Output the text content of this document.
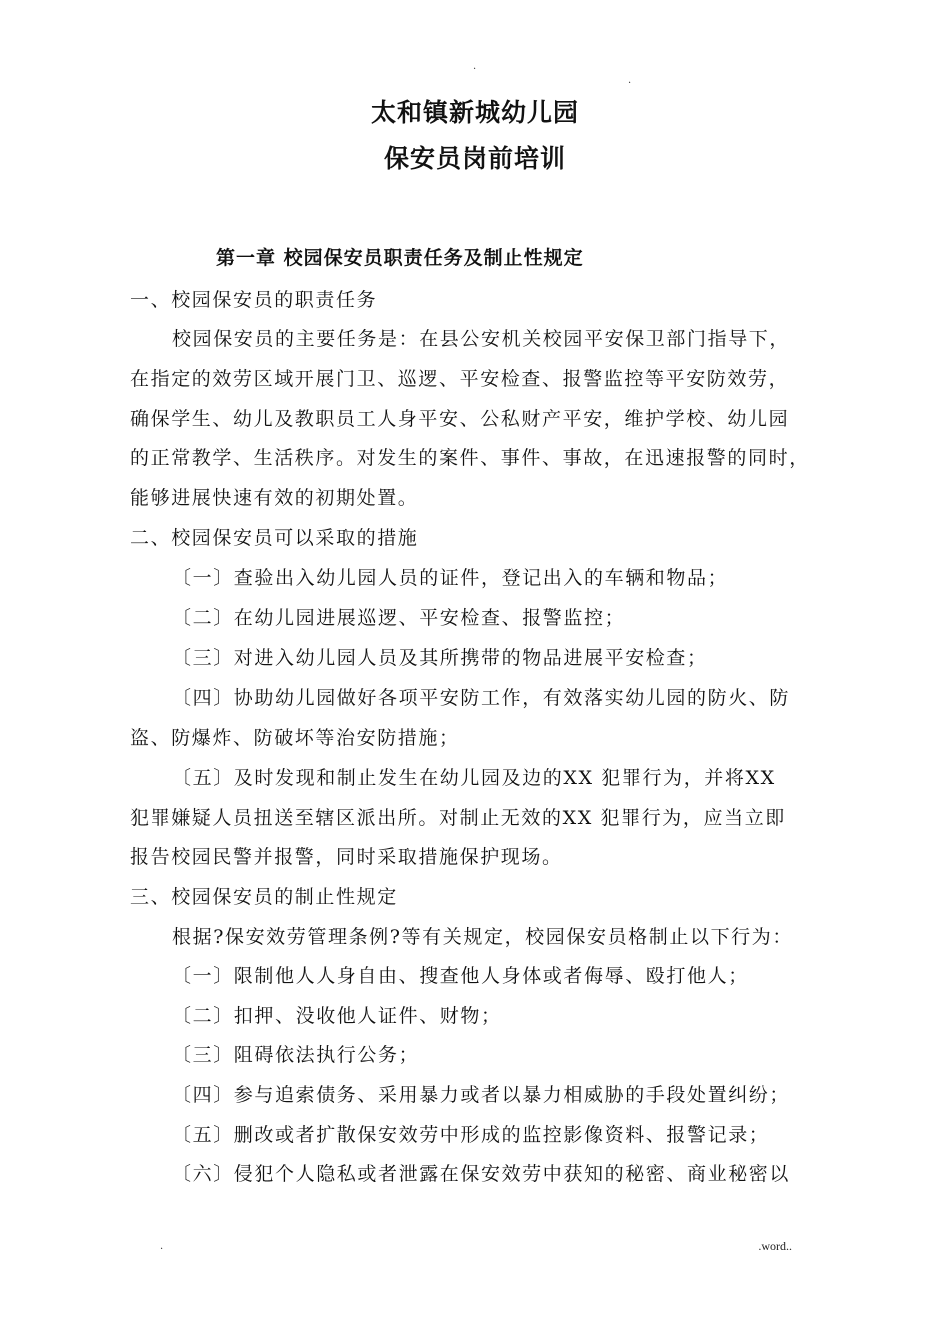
.
.
太和镇新城幼儿园
保安员岗前培训
第一章 校园保安员职责任务及制止性规定
一、校园保安员的职责任务
校园保安员的主要任务是：在县公安机关校园平安保卫部门指导下，
在指定的效劳区域开展门卫、巡逻、平安检查、报警监控等平安防效劳，
确保学生、幼儿及教职员工人身平安、公私财产平安，维护学校、幼儿园
的正常教学、生活秩序。对发生的案件、事件、事故，在迅速报警的同时，
能够进展快速有效的初期处置。
二、校园保安员可以采取的措施
〔一〕查验出入幼儿园人员的证件，登记出入的车辆和物品；
〔二〕在幼儿园进展巡逻、平安检查、报警监控；
〔三〕对进入幼儿园人员及其所携带的物品进展平安检查；
〔四〕协助幼儿园做好各项平安防工作，有效落实幼儿园的防火、防
盗、防爆炸、防破坏等治安防措施；
〔五〕及时发现和制止发生在幼儿园及边的XX 犯罪行为，并将XX
犯罪嫌疑人员扭送至辖区派出所。对制止无效的XX 犯罪行为，应当立即
报告校园民警并报警，同时采取措施保护现场。
三、校园保安员的制止性规定
根据?保安效劳管理条例?等有关规定，校园保安员格制止以下行为：
〔一〕限制他人人身自由、搜查他人身体或者侮辱、殴打他人；
〔二〕扣押、没收他人证件、财物；
〔三〕阻碍依法执行公务；
〔四〕参与追索债务、采用暴力或者以暴力相威胁的手段处置纠纷；
〔五〕删改或者扩散保安效劳中形成的监控影像资料、报警记录；
〔六〕侵犯个人隐私或者泄露在保安效劳中获知的秘密、商业秘密以
.	.word..
